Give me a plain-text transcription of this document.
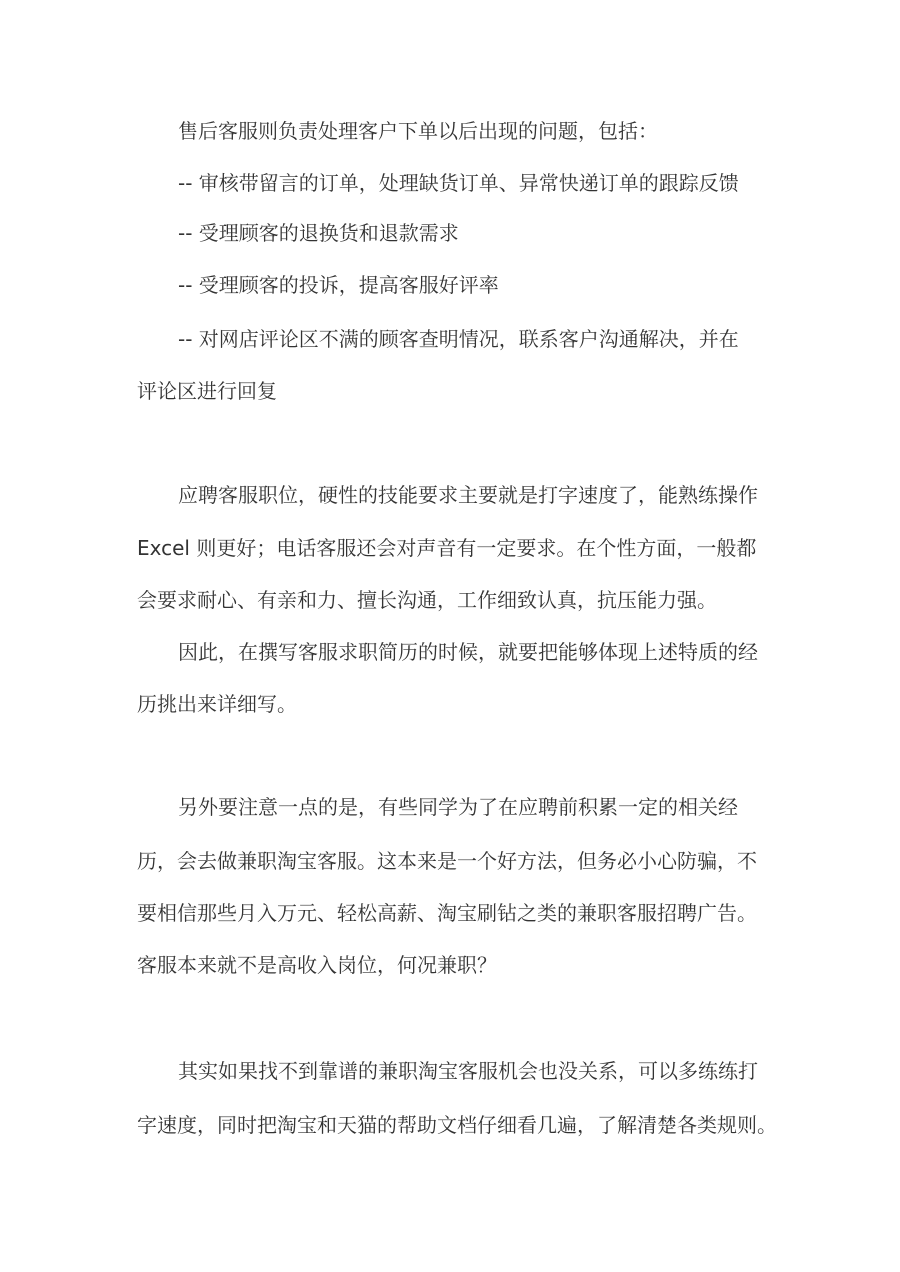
售后客服则负责处理客户下单以后出现的问题，包括：

-- 审核带留言的订单，处理缺货订单、异常快递订单的跟踪反馈

-- 受理顾客的退换货和退款需求

-- 受理顾客的投诉，提高客服好评率

-- 对网店评论区不满的顾客查明情况，联系客户沟通解决，并在

评论区进行回复

应聘客服职位，硬性的技能要求主要就是打字速度了，能熟练操作

Excel 则更好；电话客服还会对声音有一定要求。在个性方面，一般都

会要求耐心、有亲和力、擅长沟通，工作细致认真，抗压能力强。

因此，在撰写客服求职简历的时候，就要把能够体现上述特质的经

历挑出来详细写。

另外要注意一点的是，有些同学为了在应聘前积累一定的相关经

历，会去做兼职淘宝客服。这本来是一个好方法，但务必小心防骗，不

要相信那些月入万元、轻松高薪、淘宝刷钻之类的兼职客服招聘广告。

客服本来就不是高收入岗位，何况兼职？

其实如果找不到靠谱的兼职淘宝客服机会也没关系，可以多练练打

字速度，同时把淘宝和天猫的帮助文档仔细看几遍，了解清楚各类规则。
